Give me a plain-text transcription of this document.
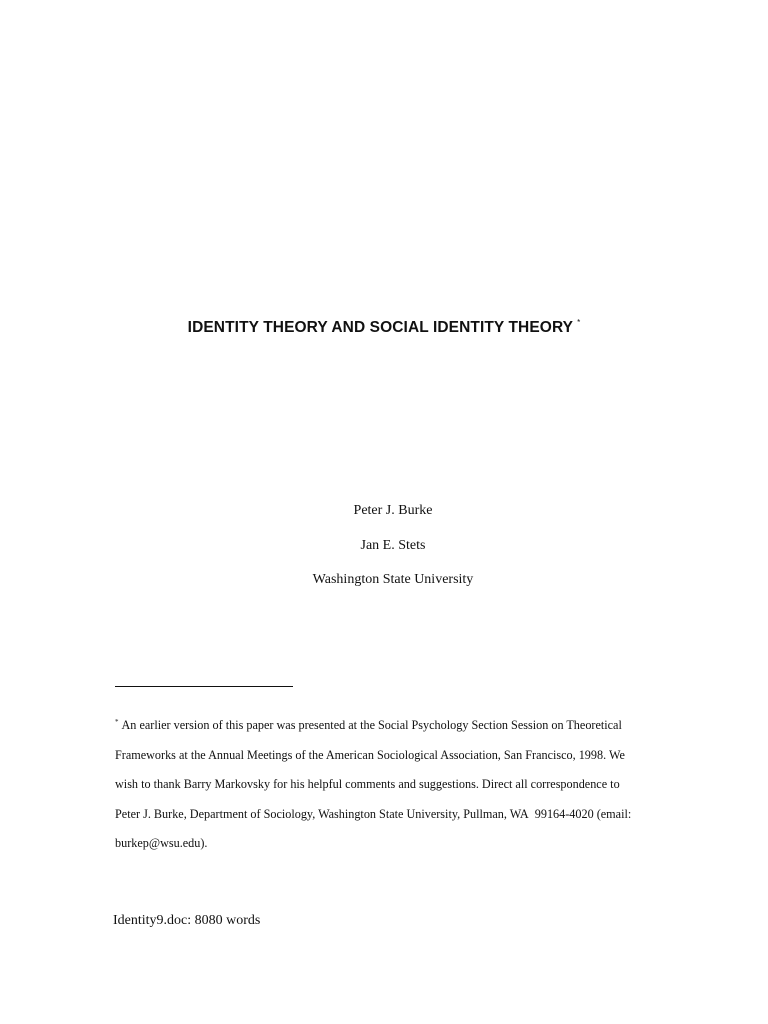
IDENTITY THEORY AND SOCIAL IDENTITY THEORY *
Peter J. Burke
Jan E. Stets
Washington State University
* An earlier version of this paper was presented at the Social Psychology Section Session on Theoretical
Frameworks at the Annual Meetings of the American Sociological Association, San Francisco, 1998. We
wish to thank Barry Markovsky for his helpful comments and suggestions. Direct all correspondence to
Peter J. Burke, Department of Sociology, Washington State University, Pullman, WA  99164-4020 (email:
burkep@wsu.edu).
Identity9.doc: 8080 words
